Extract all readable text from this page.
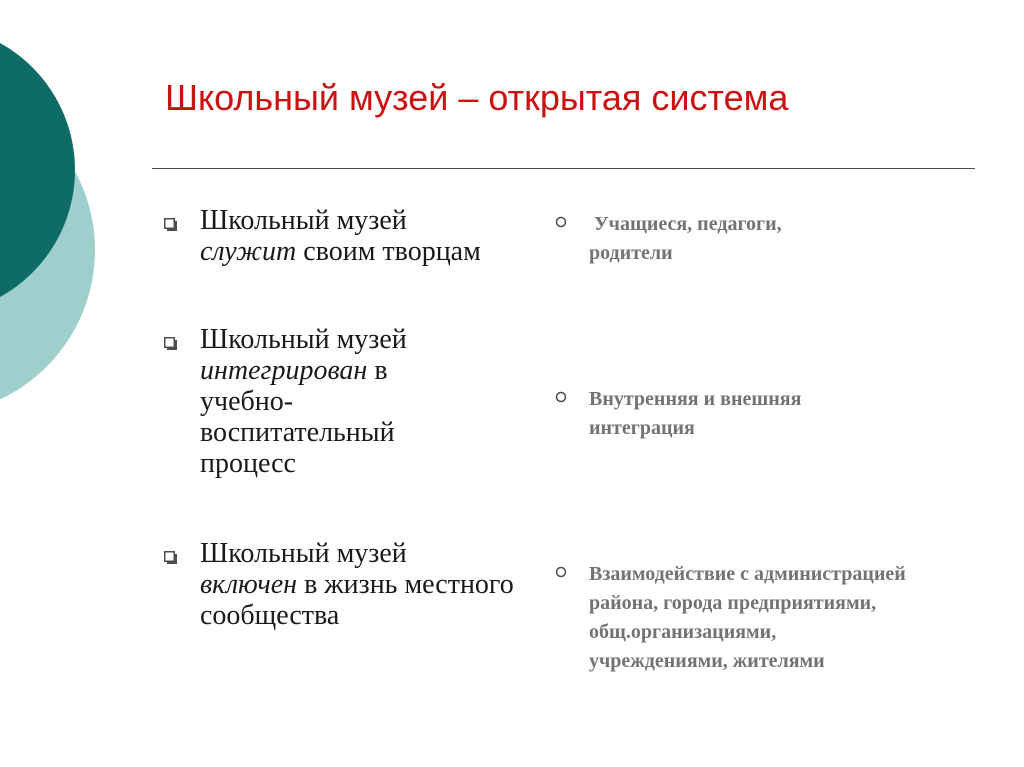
Школьный музей – открытая система
Школьный музей
служит своим творцам
Школьный музей
интегрирован в учебно-воспитательный процесс
Школьный музей
включен в жизнь местного сообщества
Учащиеся, педагоги, родители
Внутренняя и внешняя интеграция
Взаимодействие с администрацией района, города предприятиями, общ.организациями, учреждениями, жителями
